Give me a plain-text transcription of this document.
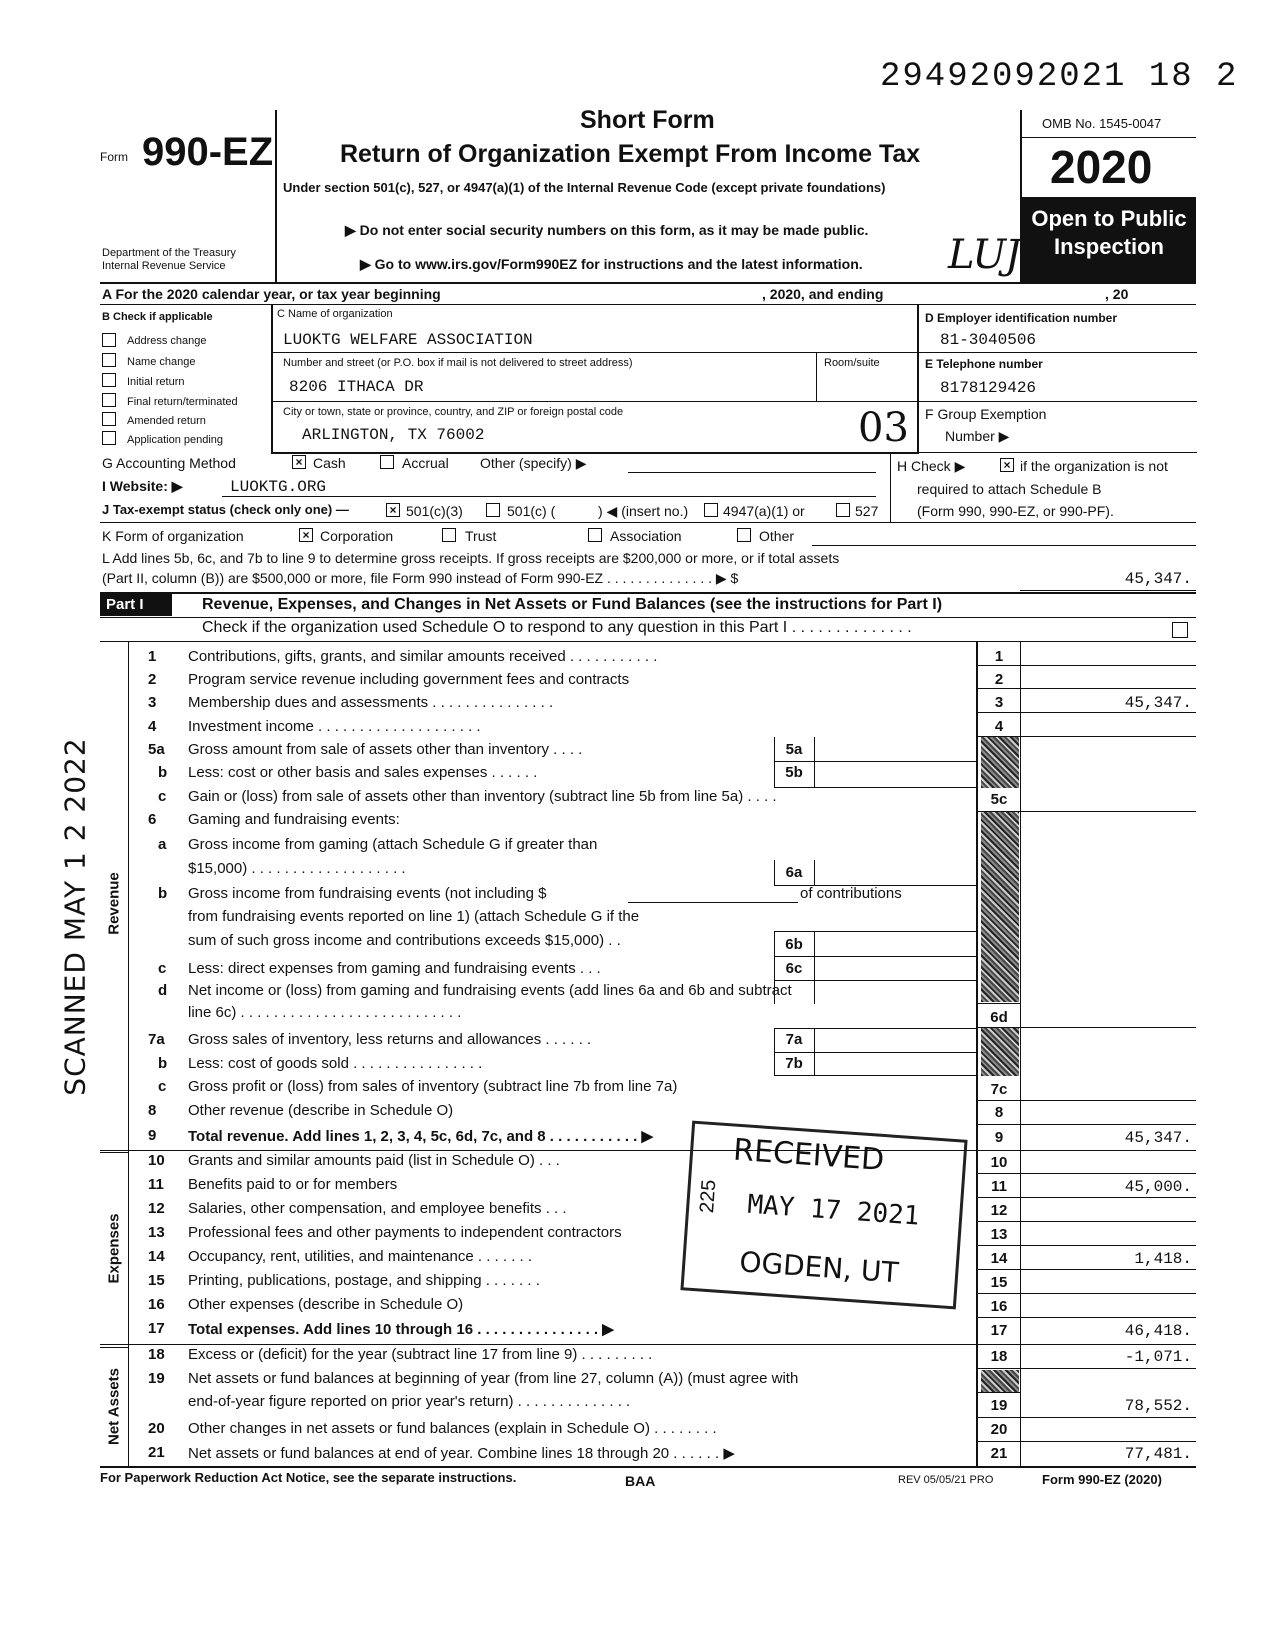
29492092021 18 2
Form 990-EZ
Department of the Treasury
Internal Revenue Service
Short Form
Return of Organization Exempt From Income Tax
Under section 501(c), 527, or 4947(a)(1) of the Internal Revenue Code (except private foundations)
▶ Do not enter social security numbers on this form, as it may be made public.
▶ Go to www.irs.gov/Form990EZ for instructions and the latest information.
OMB No. 1545-0047
2020
Open to Public Inspection
LUJ2
A For the 2020 calendar year, or tax year beginning	, 2020, and ending	, 20
B Check if applicable
Address change
Name change
Initial return
Final return/terminated
Amended return
Application pending
C Name of organization
LUOKTG WELFARE ASSOCIATION
Number and street (or P.O. box if mail is not delivered to street address)	Room/suite
8206 ITHACA DR
City or town, state or province, country, and ZIP or foreign postal code
ARLINGTON, TX 76002	03
D Employer identification number
81-3040506
E Telephone number
8178129426
F Group Exemption
Number ▶
G Accounting Method	× Cash	Accrual Other (specify) ▶	H Check ▶	× if the organization is not
required to attach Schedule B
(Form 990, 990-EZ, or 990-PF).
I Website: ▶	LUOKTG.ORG
J Tax-exempt status (check only one) —	× 501(c)(3)	501(c) (	) ◀ (insert no.) 4947(a)(1) or	527
K Form of organization	× Corporation	Trust	Association	Other
L Add lines 5b, 6c, and 7b to line 9 to determine gross receipts. If gross receipts are $200,000 or more, or if total assets
(Part II, column (B)) are $500,000 or more, file Form 990 instead of Form 990-EZ . . . . . . . . . . . . . . ▶ $	45,347.
Part I	Revenue, Expenses, and Changes in Net Assets or Fund Balances (see the instructions for Part I)
Check if the organization used Schedule O to respond to any question in this Part I . . . . . . . . . . . . . .
Revenue
Expenses
Net Assets
1 Contributions, gifts, grants, and similar amounts received . . . . . . . . . . .	1
2 Program service revenue including government fees and contracts	2
3 Membership dues and assessments . . . . . . . . . . . . . . .	3	45,347.
4 Investment income . . . . . . . . . . . . . . . . . . . .	4
5a Gross amount from sale of assets other than inventory . . . .	5a
b Less: cost or other basis and sales expenses . . . . . .	5b
c Gain or (loss) from sale of assets other than inventory (subtract line 5b from line 5a) . . . .	5c
6 Gaming and fundraising events:
a Gross income from gaming (attach Schedule G if greater than
$15,000) . . . . . . . . . . . . . . . . . . .	6a
b Gross income from fundraising events (not including $	of contributions
from fundraising events reported on line 1) (attach Schedule G if the
sum of such gross income and contributions exceeds $15,000) . .	6b
c Less: direct expenses from gaming and fundraising events . . .	6c
d Net income or (loss) from gaming and fundraising events (add lines 6a and 6b and subtract
line 6c) . . . . . . . . . . . . . . . . . . . . . . . . . . .	6d
7a Gross sales of inventory, less returns and allowances . . . . . .	7a
b Less: cost of goods sold . . . . . . . . . . . . . . . .	7b
c Gross profit or (loss) from sales of inventory (subtract line 7b from line 7a)	7c
8 Other revenue (describe in Schedule O)	8
9 Total revenue. Add lines 1, 2, 3, 4, 5c, 6d, 7c, and 8 . . . . . . . . . . . ▶	9	45,347.
10 Grants and similar amounts paid (list in Schedule O) . . .	10
11 Benefits paid to or for members	11	45,000.
12 Salaries, other compensation, and employee benefits . . .	12
13 Professional fees and other payments to independent contractors	13
14 Occupancy, rent, utilities, and maintenance . . . . . . .	14	1,418.
15 Printing, publications, postage, and shipping . . . . . . .	15
16 Other expenses (describe in Schedule O)	16
17 Total expenses. Add lines 10 through 16 . . . . . . . . . . . . . . . ▶	17	46,418.
18 Excess or (deficit) for the year (subtract line 17 from line 9) . . . . . . . . .	18	-1,071.
19 Net assets or fund balances at beginning of year (from line 27, column (A)) (must agree with
end-of-year figure reported on prior year's return) . . . . . . . . . . . . . .	19	78,552.
20 Other changes in net assets or fund balances (explain in Schedule O) . . . . . . . .	20
21 Net assets or fund balances at end of year. Combine lines 18 through 20 . . . . . . ▶	21	77,481.
RECEIVED
MAY 17 2021
OGDEN, UT
225
SCANNED MAY 1 2 2022
For Paperwork Reduction Act Notice, see the separate instructions.	BAA	REV 05/05/21 PRO	Form 990-EZ (2020)
